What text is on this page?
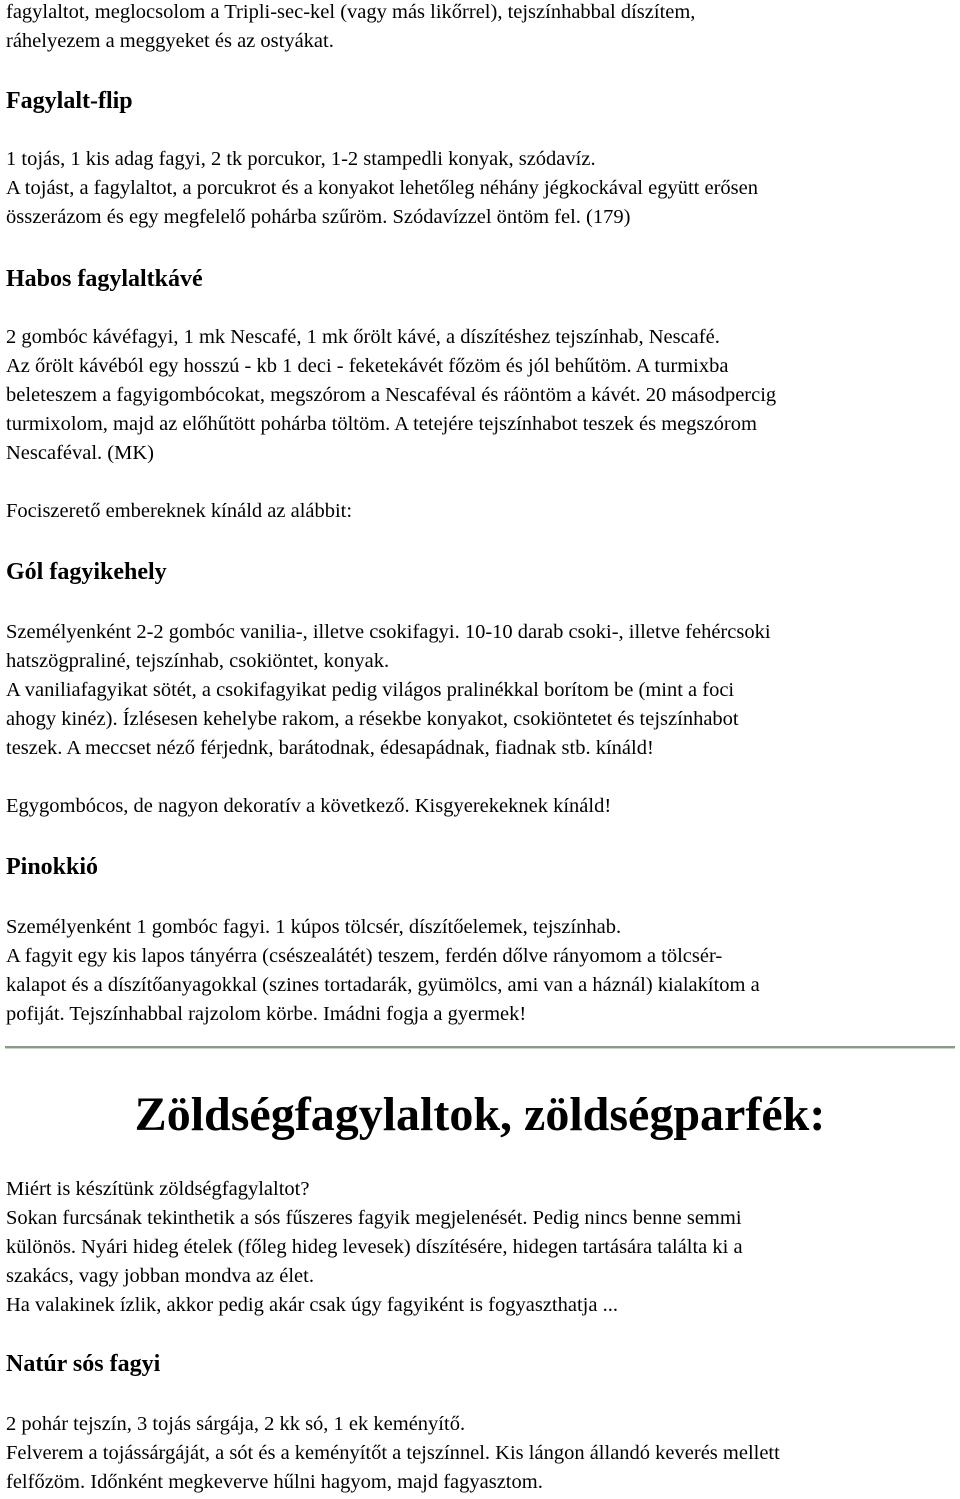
fagylaltot, meglocsolom a Tripli-sec-kel (vagy más likőrrel), tejszínhabbal díszítem,
ráhelyezem a meggyeket és az ostyákat.
Fagylalt-flip
1 tojás, 1 kis adag fagyi, 2 tk porcukor, 1-2 stampedli konyak, szódavíz.
A tojást, a fagylaltot, a porcukrot és a konyakot lehetőleg néhány jégkockával együtt erősen
összerázom és egy megfelelő pohárba szűröm. Szódavízzel öntöm fel. (179)
Habos fagylaltkávé
2 gombóc kávéfagyi, 1 mk Nescafé, 1 mk őrölt kávé, a díszítéshez tejszínhab, Nescafé.
Az őrölt kávéból egy hosszú - kb 1 deci - feketekávét főzöm és jól behűtöm. A turmixba
beleteszem a fagyigombócokat, megszórom a Nescaféval és ráöntöm a kávét. 20 másodpercig
turmixolom, majd az előhűtött pohárba töltöm. A tetejére tejszínhabot teszek és megszórom
Nescaféval. (MK)
Fociszerető embereknek kínáld az alábbit:
Gól fagyikehely
Személyenként 2-2 gombóc vanilia-, illetve csokifagyi. 10-10 darab csoki-, illetve fehércsoki
hatszögpraliné, tejszínhab, csokiöntet, konyak.
A vaniliafagyikat sötét, a csokifagyikat pedig világos pralinékkal borítom be (mint a foci
ahogy kinéz). Ízlésesen kehelybe rakom, a résekbe konyakot, csokiöntetet és tejszínhabot
teszek. A meccset néző férjednk, barátodnak, édesapádnak, fiadnak stb. kínáld!
Egygombócos, de nagyon dekoratív a következő. Kisgyerekeknek kínáld!
Pinokkió
Személyenként 1 gombóc fagyi. 1 kúpos tölcsér, díszítőelemek, tejszínhab.
A fagyit egy kis lapos tányérra (csészealátét) teszem, ferdén dőlve rányomom a tölcsér-
kalapot és a díszítőanyagokkal (szines tortadarák, gyümölcs, ami van a háznál) kialakítom a
pofiját. Tejszínhabbal rajzolom körbe. Imádni fogja a gyermek!
Zöldségfagylaltok, zöldségparfék:
Miért is készítünk zöldségfagylaltot?
Sokan furcsának tekinthetik a sós fűszeres fagyik megjelenését. Pedig nincs benne semmi
különös. Nyári hideg ételek (főleg hideg levesek) díszítésére, hidegen tartására találta ki a
szakács, vagy jobban mondva az élet.
Ha valakinek ízlik, akkor pedig akár csak úgy fagyiként is fogyaszthatja ...
Natúr sós fagyi
2 pohár tejszín, 3 tojás sárgája, 2 kk só, 1 ek keményítő.
Felverem a tojássárgáját, a sót és a keményítőt a tejszínnel. Kis lángon állandó keverés mellett
felfőzöm. Időnként megkeverve hűlni hagyom, majd fagyasztom.
